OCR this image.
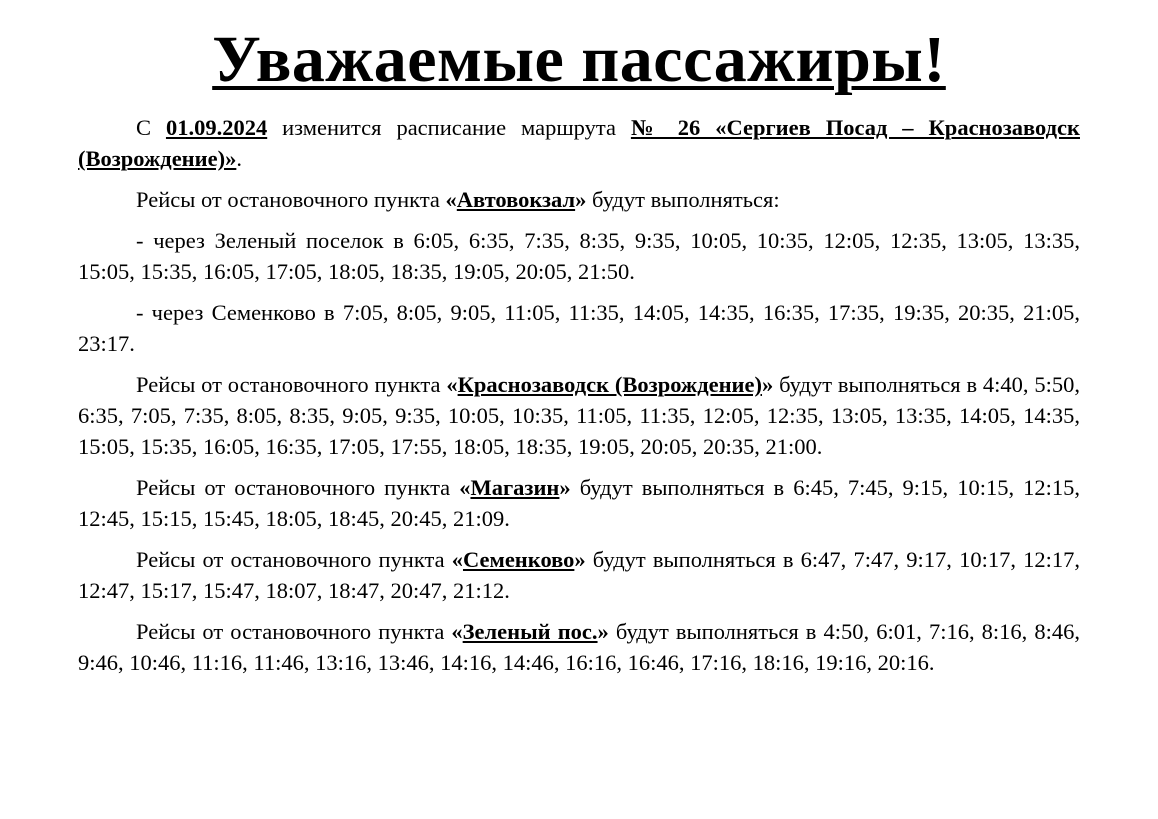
Уважаемые пассажиры!

С 01.09.2024 изменится расписание маршрута № 26 «Сергиев Посад – Краснозаводск (Возрождение)».

Рейсы от остановочного пункта «Автовокзал» будут выполняться:

- через Зеленый поселок в 6:05, 6:35, 7:35, 8:35, 9:35, 10:05, 10:35, 12:05, 12:35, 13:05, 13:35, 15:05, 15:35, 16:05, 17:05, 18:05, 18:35, 19:05, 20:05, 21:50.

- через Семенково в 7:05, 8:05, 9:05, 11:05, 11:35, 14:05, 14:35, 16:35, 17:35, 19:35, 20:35, 21:05, 23:17.

Рейсы от остановочного пункта «Краснозаводск (Возрождение)» будут выполняться в 4:40, 5:50, 6:35, 7:05, 7:35, 8:05, 8:35, 9:05, 9:35, 10:05, 10:35, 11:05, 11:35, 12:05, 12:35, 13:05, 13:35, 14:05, 14:35, 15:05, 15:35, 16:05, 16:35, 17:05, 17:55, 18:05, 18:35, 19:05, 20:05, 20:35, 21:00.

Рейсы от остановочного пункта «Магазин» будут выполняться в 6:45, 7:45, 9:15, 10:15, 12:15, 12:45, 15:15, 15:45, 18:05, 18:45, 20:45, 21:09.

Рейсы от остановочного пункта «Семенково» будут выполняться в 6:47, 7:47, 9:17, 10:17, 12:17, 12:47, 15:17, 15:47, 18:07, 18:47, 20:47, 21:12.

Рейсы от остановочного пункта «Зеленый пос.» будут выполняться в 4:50, 6:01, 7:16, 8:16, 8:46, 9:46, 10:46, 11:16, 11:46, 13:16, 13:46, 14:16, 14:46, 16:16, 16:46, 17:16, 18:16, 19:16, 20:16.
